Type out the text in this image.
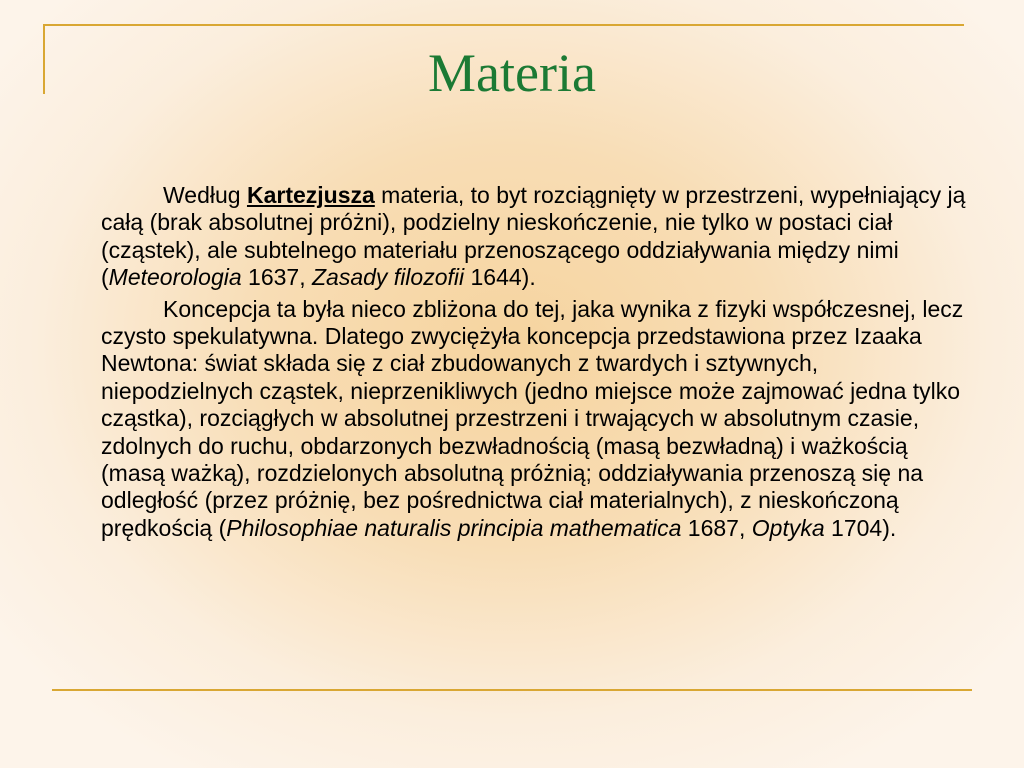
Materia

Według Kartezjusza materia, to byt rozciągnięty w przestrzeni, wypełniający ją całą (brak absolutnej próżni), podzielny nieskończenie, nie tylko w postaci ciał (cząstek), ale subtelnego materiału przenoszącego oddziaływania między nimi (Meteorologia 1637, Zasady filozofii 1644).

Koncepcja ta była nieco zbliżona do tej, jaka wynika z fizyki współczesnej, lecz czysto spekulatywna. Dlatego zwyciężyła koncepcja przedstawiona przez Izaaka Newtona: świat składa się z ciał zbudowanych z twardych i sztywnych, niepodzielnych cząstek, nieprzenikliwych (jedno miejsce może zajmować jedna tylko cząstka), rozciągłych w absolutnej przestrzeni i trwających w absolutnym czasie, zdolnych do ruchu, obdarzonych bezwładnością (masą bezwładną) i ważkością (masą ważką), rozdzielonych absolutną próżnią; oddziaływania przenoszą się na odległość (przez próżnię, bez pośrednictwa ciał materialnych), z nieskończoną prędkością (Philosophiae naturalis principia mathematica 1687, Optyka 1704).
